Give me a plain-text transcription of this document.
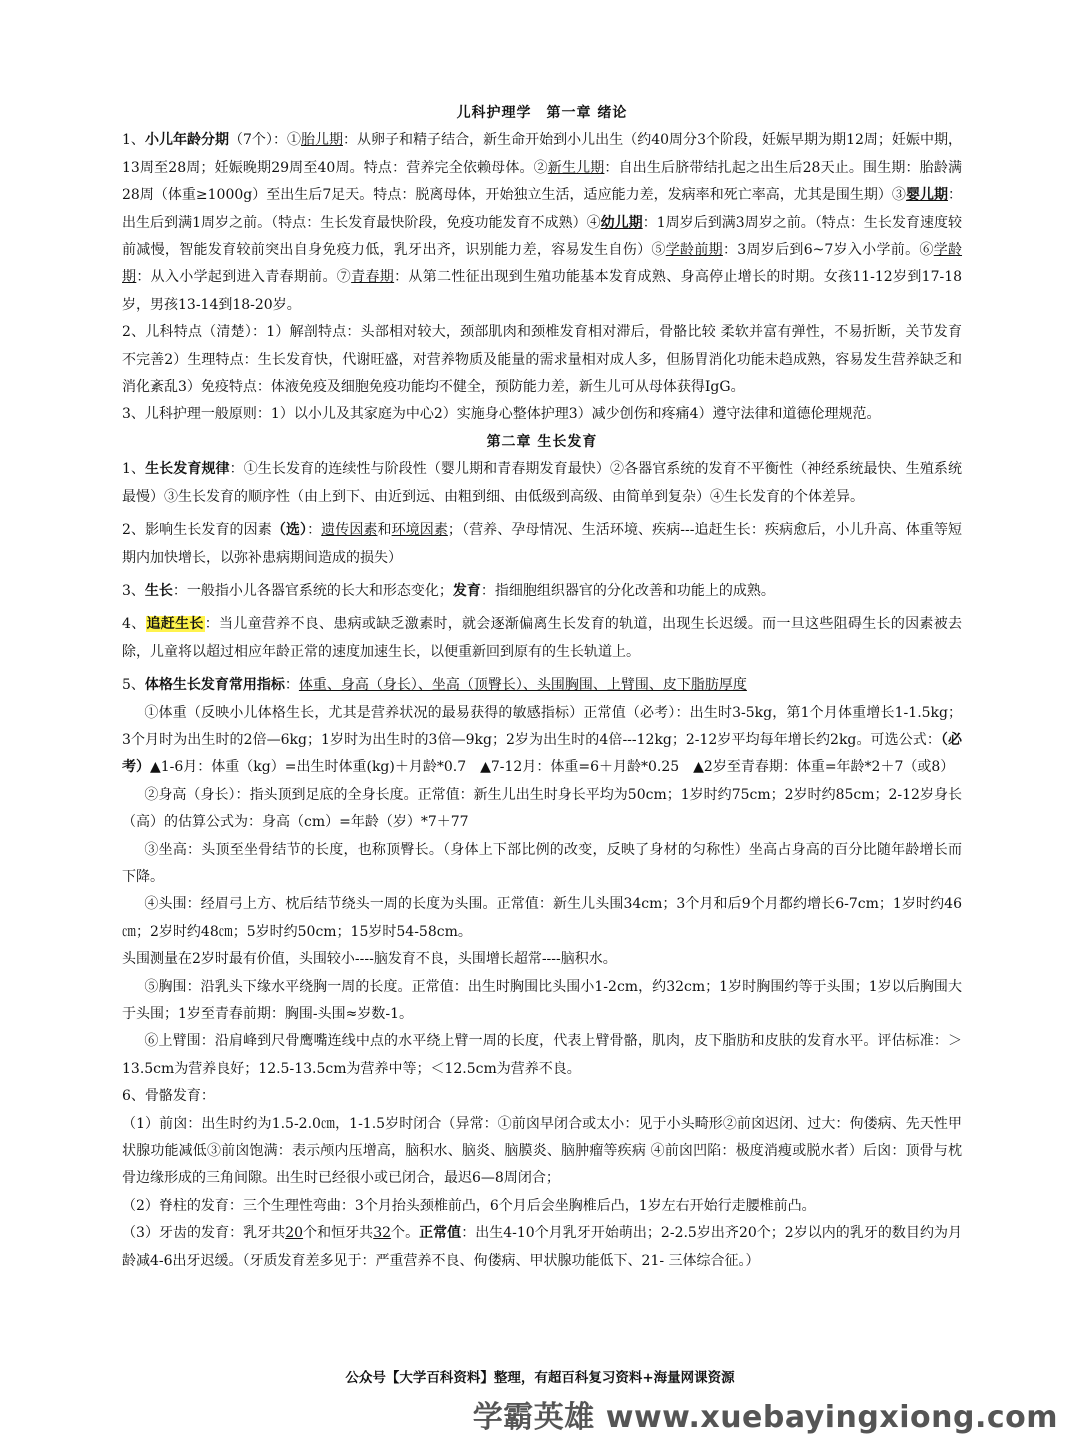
儿科护理学　第一章 绪论

1、小儿年龄分期（7个）：①胎儿期：从卵子和精子结合，新生命开始到小儿出生（约40周分3个阶段，妊娠早期为期12周；妊娠中期，13周至28周；妊娠晚期29周至40周。特点：营养完全依赖母体。②新生儿期：自出生后脐带结扎起之出生后28天止。围生期：胎龄满28周（体重≥1000g）至出生后7足天。特点：脱离母体，开始独立生活，适应能力差，发病率和死亡率高，尤其是围生期）③婴儿期：出生后到满1周岁之前。（特点：生长发育最快阶段，免疫功能发育不成熟）④幼儿期：1周岁后到满3周岁之前。（特点：生长发育速度较前减慢，智能发育较前突出自身免疫力低，乳牙出齐，识别能力差，容易发生自伤）⑤学龄前期：3周岁后到6~7岁入小学前。⑥学龄期：从入小学起到进入青春期前。⑦青春期：从第二性征出现到生殖功能基本发育成熟、身高停止增长的时期。女孩11-12岁到17-18岁，男孩13-14到18-20岁。

2、儿科特点（清楚）：1）解剖特点：头部相对较大，颈部肌肉和颈椎发育相对滞后，骨骼比较 柔软并富有弹性，不易折断，关节发育不完善2）生理特点：生长发育快，代谢旺盛，对营养物质及能量的需求量相对成人多，但肠胃消化功能未趋成熟，容易发生营养缺乏和消化紊乱3）免疫特点：体液免疫及细胞免疫功能均不健全，预防能力差，新生儿可从母体获得IgG。

3、儿科护理一般原则：1）以小儿及其家庭为中心2）实施身心整体护理3）减少创伤和疼痛4）遵守法律和道德伦理规范。

第二章 生长发育

1、生长发育规律：①生长发育的连续性与阶段性（婴儿期和青春期发育最快）②各器官系统的发育不平衡性（神经系统最快、生殖系统最慢）③生长发育的顺序性（由上到下、由近到远、由粗到细、由低级到高级、由简单到复杂）④生长发育的个体差异。

2、影响生长发育的因素（选）：遗传因素和环境因素；（营养、孕母情况、生活环境、疾病---追赶生长：疾病愈后，小儿升高、体重等短期内加快增长，以弥补患病期间造成的损失）

3、生长：一般指小儿各器官系统的长大和形态变化；发育：指细胞组织器官的分化改善和功能上的成熟。

4、追赶生长：当儿童营养不良、患病或缺乏激素时，就会逐渐偏离生长发育的轨道，出现生长迟缓。而一旦这些阻碍生长的因素被去除，儿童将以超过相应年龄正常的速度加速生长，以便重新回到原有的生长轨道上。

5、体格生长发育常用指标：体重、身高（身长）、坐高（顶臀长）、头围胸围、上臂围、皮下脂肪厚度

①体重（反映小儿体格生长，尤其是营养状况的最易获得的敏感指标）正常值（必考）：出生时3-5kg，第1个月体重增长1-1.5kg；3个月时为出生时的2倍—6kg；1岁时为出生时的3倍—9kg；2岁为出生时的4倍---12kg；2-12岁平均每年增长约2kg。可选公式：（必考）▲1-6月：体重（kg）=出生时体重(kg)＋月龄*0.7　▲7-12月：体重=6＋月龄*0.25　▲2岁至青春期：体重=年龄*2＋7（或8）

②身高（身长）：指头顶到足底的全身长度。正常值：新生儿出生时身长平均为50cm；1岁时约75cm；2岁时约85cm；2-12岁身长（高）的估算公式为：身高（cm）=年龄（岁）*7＋77

③坐高：头顶至坐骨结节的长度，也称顶臀长。（身体上下部比例的改变，反映了身材的匀称性）坐高占身高的百分比随年龄增长而下降。

④头围：经眉弓上方、枕后结节绕头一周的长度为头围。正常值：新生儿头围34cm；3个月和后9个月都约增长6-7cm；1岁时约46㎝；2岁时约48㎝；5岁时约50cm；15岁时54-58cm。

头围测量在2岁时最有价值，头围较小----脑发育不良，头围增长超常----脑积水。

⑤胸围：沿乳头下缘水平绕胸一周的长度。正常值：出生时胸围比头围小1-2cm，约32cm；1岁时胸围约等于头围；1岁以后胸围大于头围；1岁至青春前期：胸围-头围≈岁数-1。

⑥上臂围：沿肩峰到尺骨鹰嘴连线中点的水平绕上臂一周的长度，代表上臂骨骼，肌肉，皮下脂肪和皮肤的发育水平。评估标准：＞13.5cm为营养良好；12.5-13.5cm为营养中等；＜12.5cm为营养不良。

6、骨骼发育：

（1）前囟：出生时约为1.5-2.0㎝，1-1.5岁时闭合（异常：①前囟早闭合或太小：见于小头畸形②前囟迟闭、过大：佝偻病、先天性甲状腺功能减低③前囟饱满：表示颅内压增高，脑积水、脑炎、脑膜炎、脑肿瘤等疾病 ④前囟凹陷：极度消瘦或脱水者）后囟：顶骨与枕骨边缘形成的三角间隙。出生时已经很小或已闭合，最迟6—8周闭合；

（2）脊柱的发育：三个生理性弯曲：3个月抬头颈椎前凸，6个月后会坐胸椎后凸，1岁左右开始行走腰椎前凸。

（3）牙齿的发育：乳牙共20个和恒牙共32个。正常值：出生4-10个月乳牙开始萌出；2-2.5岁出齐20个；2岁以内的乳牙的数目约为月龄减4-6出牙迟缓。（牙质发育差多见于：严重营养不良、佝偻病、甲状腺功能低下、21- 三体综合征。）

公众号【大学百科资料】整理，有超百科复习资料+海量网课资源
学霸英雄 www.xuebayingxiong.com
